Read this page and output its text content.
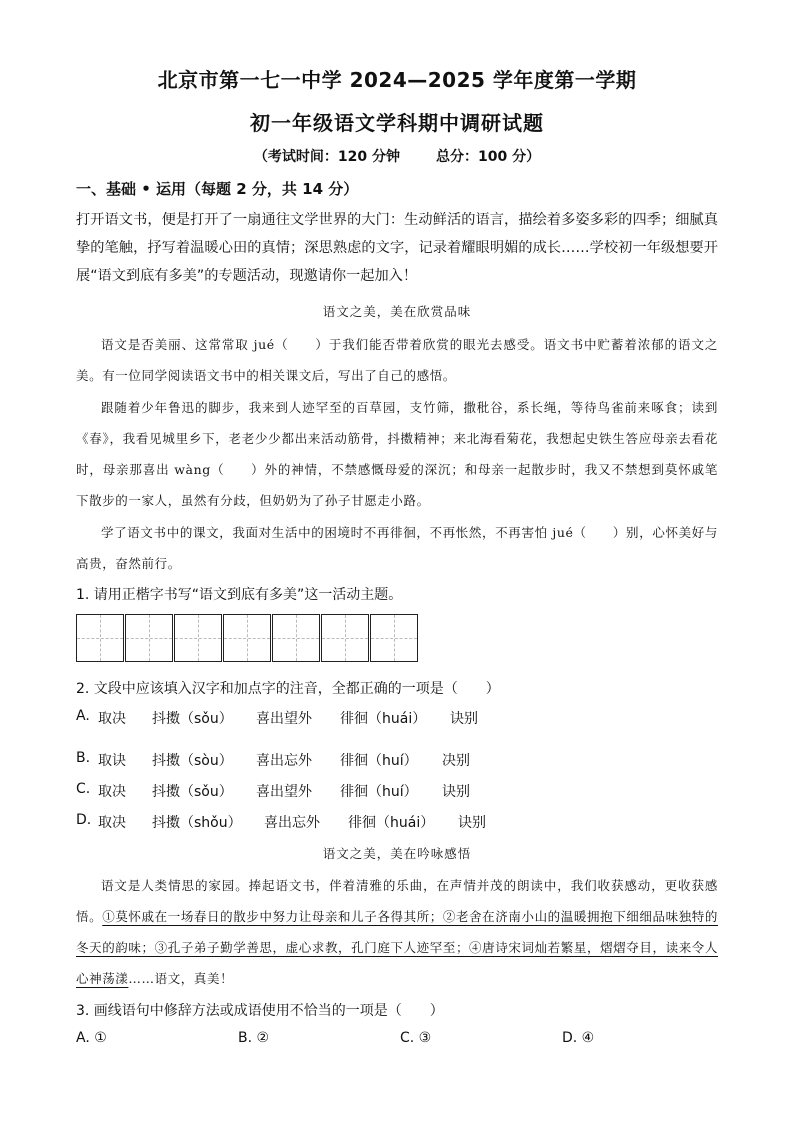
北京市第一七一中学 2024—2025 学年度第一学期
初一年级语文学科期中调研试题
（考试时间：120 分钟	总分：100 分）
一、基础 • 运用（每题 2 分，共 14 分）
打开语文书，便是打开了一扇通往文学世界的大门：生动鲜活的语言，描绘着多姿多彩的四季；细腻真挚的笔触，抒写着温暖心田的真情；深思熟虑的文字，记录着耀眼明媚的成长……学校初一年级想要开展“语文到底有多美”的专题活动，现邀请你一起加入！
语文之美，美在欣赏品味
语文是否美丽、这常常取 jué（　　）于我们能否带着欣赏的眼光去感受。语文书中贮蓄着浓郁的语文之美。有一位同学阅读语文书中的相关课文后，写出了自己的感悟。
跟随着少年鲁迅的脚步，我来到人迹罕至的百草园，支竹筛，撒秕谷，系长绳，等待鸟雀前来啄食；读到《春》，我看见城里乡下，老老少少都出来活动筋骨，抖擞精神；来北海看菊花，我想起史铁生答应母亲去看花时，母亲那喜出 wàng（　　）外的神情，不禁感慨母爱的深沉；和母亲一起散步时，我又不禁想到莫怀戚笔下散步的一家人，虽然有分歧，但奶奶为了孙子甘愿走小路。
学了语文书中的课文，我面对生活中的困境时不再徘徊，不再怅然，不再害怕 jué（　　）别，心怀美好与高贵，奋然前行。
1. 请用正楷字书写“语文到底有多美”这一活动主题。
2. 文段中应该填入汉字和加点字的注音，全都正确的一项是（　　）
A. 取决	抖擞（sǒu）	喜出望外	徘徊（huái）	诀别
B. 取诀	抖擞（sòu）	喜出忘外	徘徊（huí）	决别
C. 取决	抖擞（sǒu）	喜出望外	徘徊（huí）	诀别
D. 取决	抖擞（shǒu）	喜出忘外	徘徊（huái）	诀别
语文之美，美在吟咏感悟
语文是人类情思的家园。捧起语文书，伴着清雅的乐曲，在声情并茂的朗读中，我们收获感动，更收获感悟。①莫怀戚在一场春日的散步中努力让母亲和儿子各得其所；②老舍在济南小山的温暖拥抱下细细品味独特的冬天的韵味；③孔子弟子勤学善思，虚心求教，孔门庭下人迹罕至；④唐诗宋词灿若繁星，熠熠夺目，读来令人心神荡漾……语文，真美！
3. 画线语句中修辞方法或成语使用不恰当的一项是（　　）
A. ①	B. ②	C. ③	D. ④
